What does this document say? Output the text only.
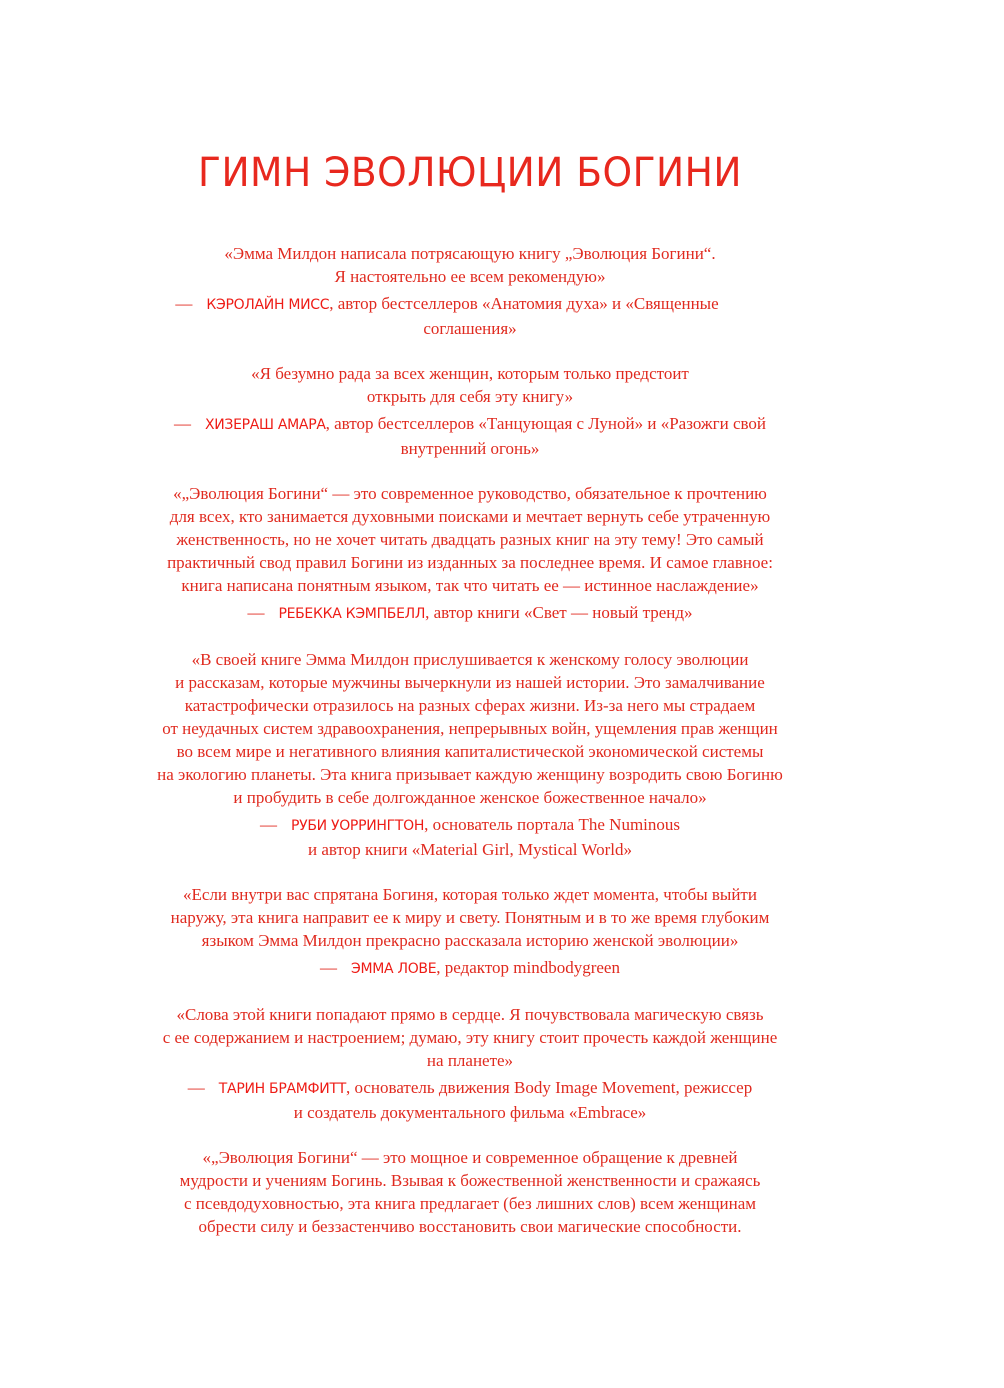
ГИМН ЭВОЛЮЦИИ БОГИНИ

«Эмма Милдон написала потрясающую книгу „Эволюция Богини“.
Я настоятельно ее всем рекомендую»

— КЭРОЛАЙН МИСС, автор бестселлеров «Анатомия духа» и «Священные
соглашения»

«Я безумно рада за всех женщин, которым только предстоит
открыть для себя эту книгу»

— ХИЗЕРАШ АМАРА, автор бестселлеров «Танцующая с Луной» и «Разожги свой
внутренний огонь»

«„Эволюция Богини“ — это современное руководство, обязательное к прочтению
для всех, кто занимается духовными поисками и мечтает вернуть себе утраченную
женственность, но не хочет читать двадцать разных книг на эту тему! Это самый
практичный свод правил Богини из изданных за последнее время. И самое главное:
книга написана понятным языком, так что читать ее — истинное наслаждение»

— РЕБЕККА КЭМПБЕЛЛ, автор книги «Свет — новый тренд»

«В своей книге Эмма Милдон прислушивается к женскому голосу эволюции
и рассказам, которые мужчины вычеркнули из нашей истории. Это замалчивание
катастрофически отразилось на разных сферах жизни. Из-за него мы страдаем
от неудачных систем здравоохранения, непрерывных войн, ущемления прав женщин
во всем мире и негативного влияния капиталистической экономической системы
на экологию планеты. Эта книга призывает каждую женщину возродить свою Богиню
и пробудить в себе долгожданное женское божественное начало»

— РУБИ УОРРИНГТОН, основатель портала The Numinous
и автор книги «Material Girl, Mystical World»

«Если внутри вас спрятана Богиня, которая только ждет момента, чтобы выйти
наружу, эта книга направит ее к миру и свету. Понятным и в то же время глубоким
языком Эмма Милдон прекрасно рассказала историю женской эволюции»

— ЭММА ЛОВЕ, редактор mindbodygreen

«Слова этой книги попадают прямо в сердце. Я почувствовала магическую связь
с ее содержанием и настроением; думаю, эту книгу стоит прочесть каждой женщине
на планете»

— ТАРИН БРАМФИТТ, основатель движения Body Image Movement, режиссер
и создатель документального фильма «Embrace»

«„Эволюция Богини“ — это мощное и современное обращение к древней
мудрости и учениям Богинь. Взывая к божественной женственности и сражаясь
с псевдодуховностью, эта книга предлагает (без лишних слов) всем женщинам
обрести силу и беззастенчиво восстановить свои магические способности.
